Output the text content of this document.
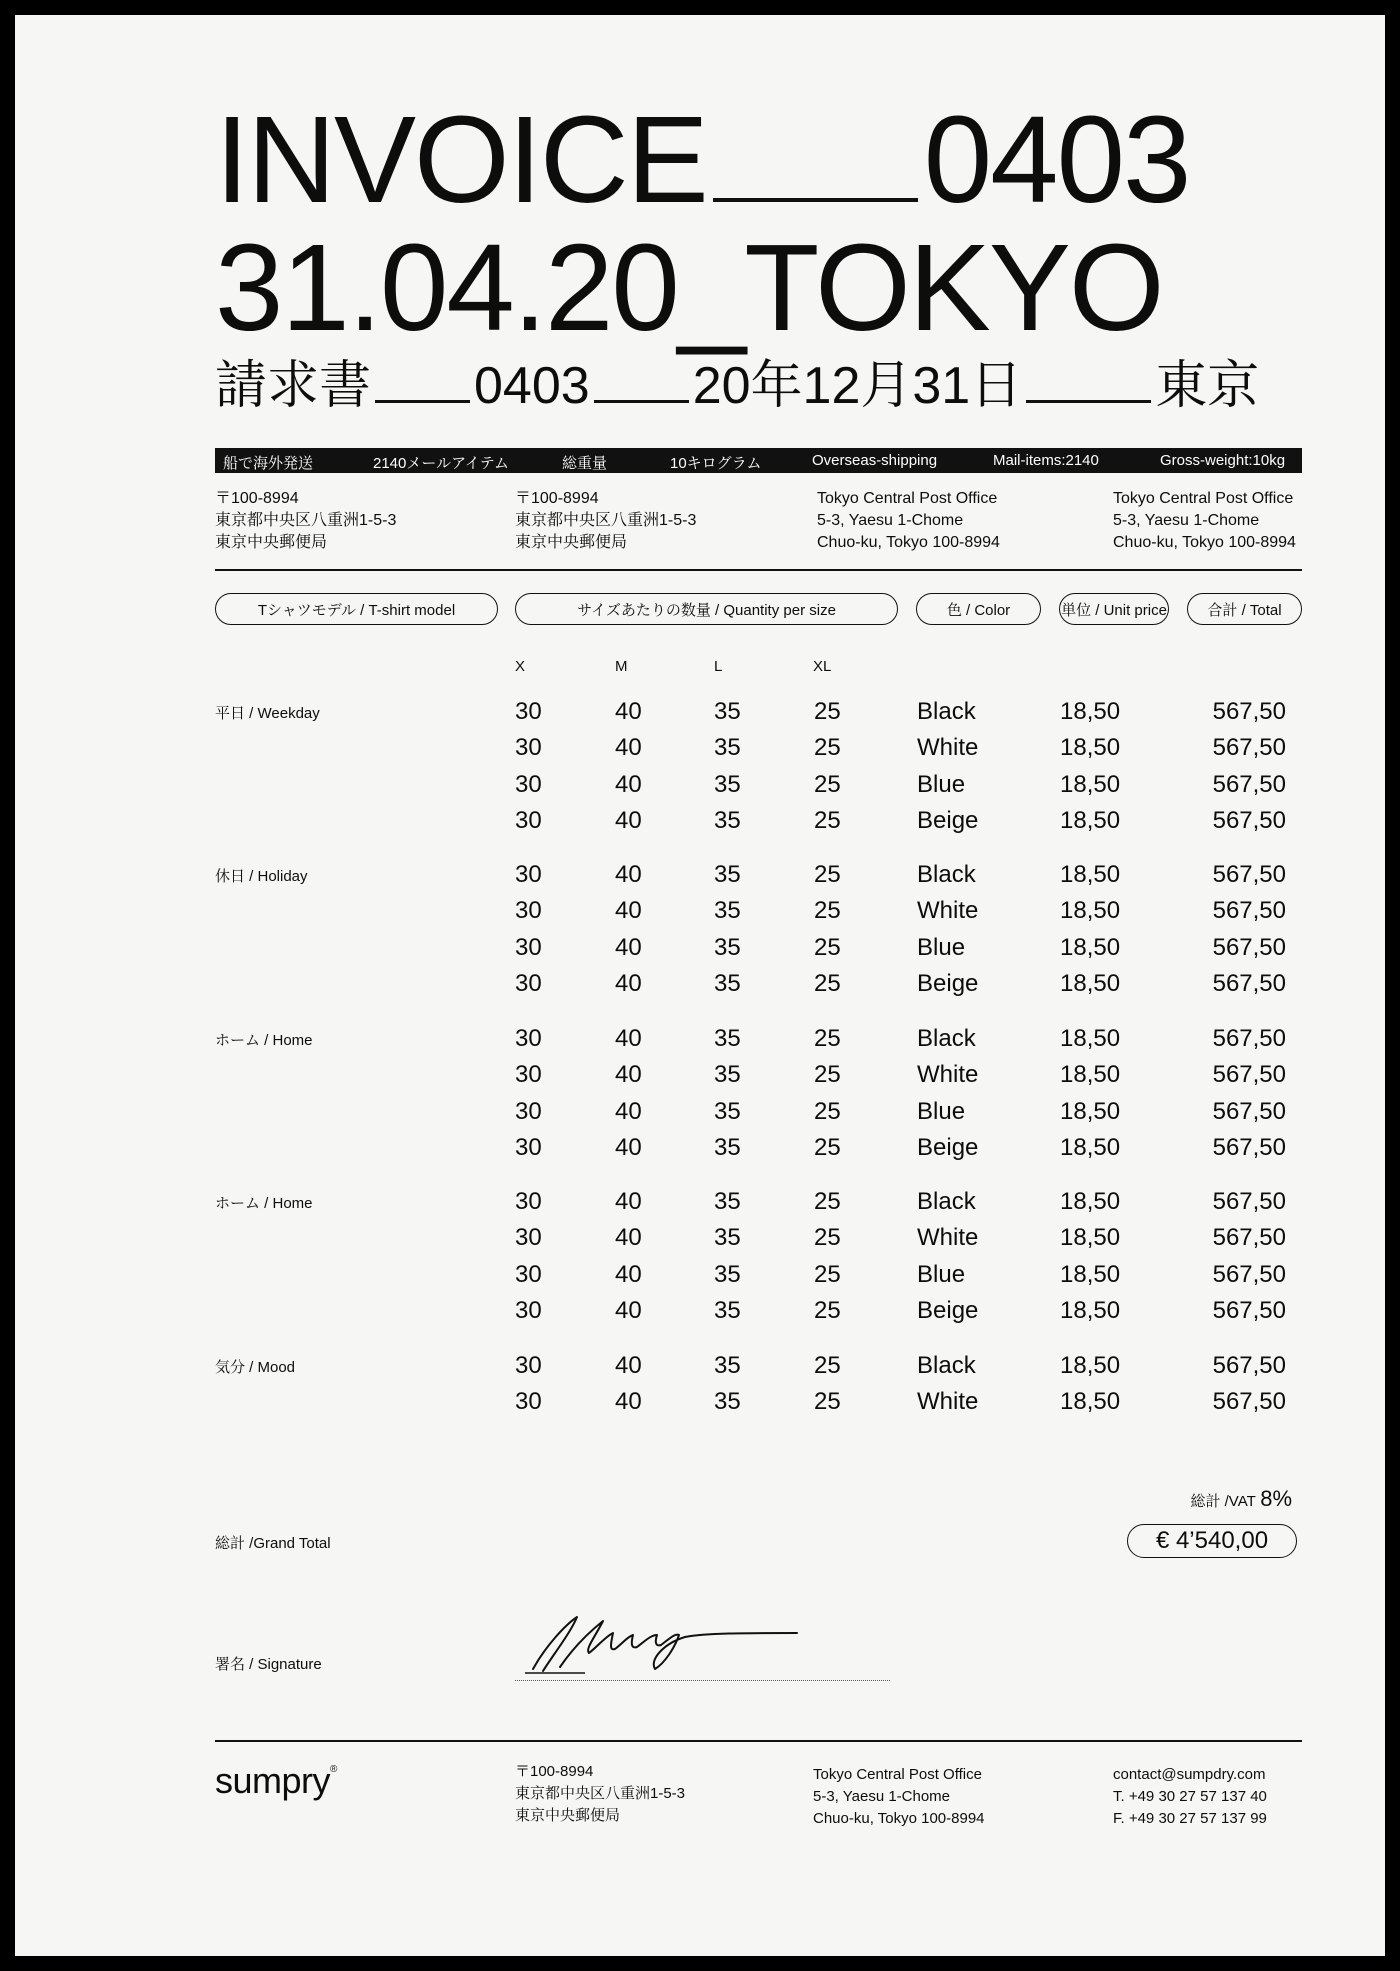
INVOICE 0403
31.04.20_TOKYO
請求書 0403 20年12月31日	東京
船で海外発送	2140メールアイテム	総重量	10キログラム	Overseas-shipping	Mail-items:2140	Gross-weight:10kg
〒100-8994
東京都中央区八重洲1-5-3
東京中央郵便局
〒100-8994
東京都中央区八重洲1-5-3
東京中央郵便局
Tokyo Central Post Office
5-3, Yaesu 1-Chome
Chuo-ku, Tokyo 100-8994
Tokyo Central Post Office
5-3, Yaesu 1-Chome
Chuo-ku, Tokyo 100-8994
Tシャツモデル / T-shirt model	サイズあたりの数量 / Quantity per size	色 / Color	単位 / Unit price	合計 / Total
X	M	L	XL
平日 / Weekday	30	40	35	25	Black	18,50	567,50
30	40	35	25	White	18,50	567,50
30	40	35	25	Blue	18,50	567,50
30	40	35	25	Beige	18,50	567,50
休日 / Holiday	30	40	35	25	Black	18,50	567,50
30	40	35	25	White	18,50	567,50
30	40	35	25	Blue	18,50	567,50
30	40	35	25	Beige	18,50	567,50
ホーム / Home	30	40	35	25	Black	18,50	567,50
30	40	35	25	White	18,50	567,50
30	40	35	25	Blue	18,50	567,50
30	40	35	25	Beige	18,50	567,50
ホーム / Home	30	40	35	25	Black	18,50	567,50
30	40	35	25	White	18,50	567,50
30	40	35	25	Blue	18,50	567,50
30	40	35	25	Beige	18,50	567,50
気分 / Mood	30	40	35	25	Black	18,50	567,50
30	40	35	25	White	18,50	567,50
総計 /VAT 8%
総計 /Grand Total	€ 4’540,00
署名 / Signature
sumpry®	〒100-8994
東京都中央区八重洲1-5-3
東京中央郵便局
Tokyo Central Post Office
5-3, Yaesu 1-Chome
Chuo-ku, Tokyo 100-8994
contact@sumpdry.com
T. +49 30 27 57 137 40
F. +49 30 27 57 137 99
